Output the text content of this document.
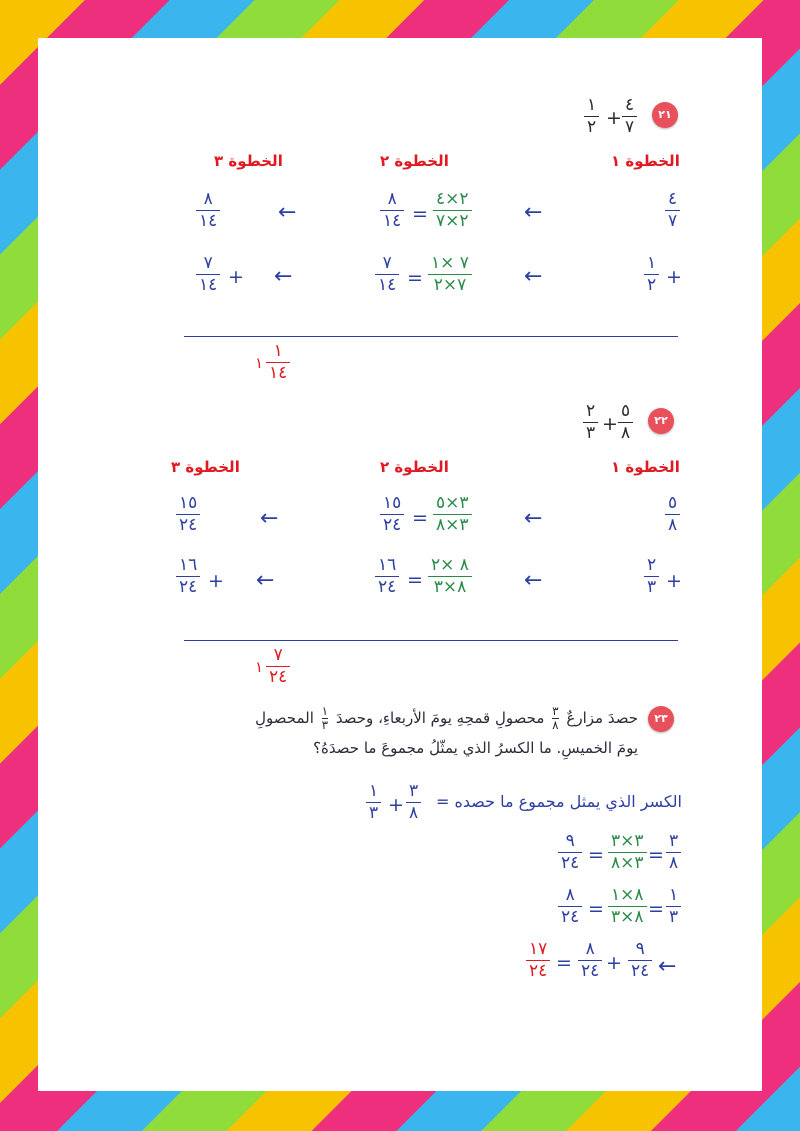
٢١
٤
٧
+
١
٢
الخطوة ١
الخطوة ٢
الخطوة ٣
٤
٧
←
٢×٤
٢×٧
=
٨
١٤
←
٨
١٤
+
١
٢
←
٧ ×١
٧×٢
=
٧
١٤
←
+
٧
١٤
١
١٤
١
٢٢
٥
٨
+
٢
٣
الخطوة ١
الخطوة ٢
الخطوة ٣
٥
٨
←
٣×٥
٣×٨
=
١٥
٢٤
←
١٥
٢٤
+
٢
٣
←
٨ ×٢
٨×٣
=
١٦
٢٤
←
+
١٦
٢٤
٧
٢٤
١
٢٣
حصدَ مزارعٌ
٣
٨
محصولِ قمحِهِ يومَ الأربعاءِ، وحصدَ
١
٣
المحصولِ
يومَ الخميسِ. ما الكسرُ الذي يمثّلُ مجموعَ ما حصدَهُ؟
الكسر الذي يمثل مجموع ما حصده =
٣
٨
+
١
٣
٣
٨
=
٣×٣
٣×٨
=
٩
٢٤
١
٣
=
٨×١
٨×٣
=
٨
٢٤
←
٩
٢٤
+
٨
٢٤
=
١٧
٢٤
